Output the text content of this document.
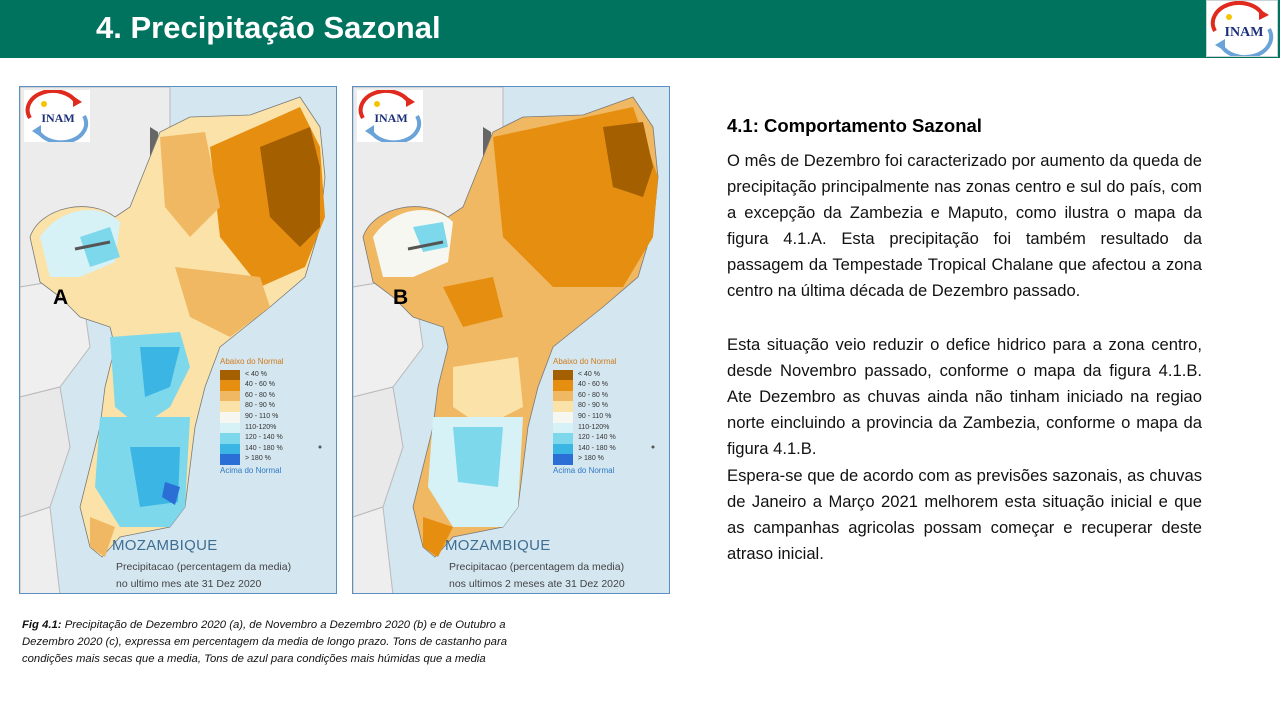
4. Precipitação Sazonal	INAM
INAM
A
Abaixo do Normal
< 40 %
40 - 60 %
60 - 80 %
80 - 90 %
90 - 110 %
110-120%
120 - 140 %
140 - 180 %
> 180 %
Acima do Normal
MOZAMBIQUE
Precipitacao (percentagem da media)
no ultimo mes ate 31 Dez 2020
INAM
B
Abaixo do Normal
< 40 %
40 - 60 %
60 - 80 %
80 - 90 %
90 - 110 %
110-120%
120 - 140 %
140 - 180 %
> 180 %
Acima do Normal
MOZAMBIQUE
Precipitacao (percentagem da media)
nos ultimos 2 meses ate 31 Dez 2020
Fig 4.1: Precipitação de Dezembro 2020 (a), de Novembro a Dezembro 2020 (b) e de Outubro a Dezembro 2020 (c), expressa em percentagem da media de longo prazo. Tons de castanho para condições mais secas que a media, Tons de azul para condições mais húmidas que a media
4.1: Comportamento Sazonal

O mês de Dezembro foi caracterizado por aumento da queda de precipitação principalmente nas zonas centro e sul do país, com a excepção da Zambezia e Maputo, como ilustra o mapa da figura 4.1.A. Esta precipitação foi também resultado da passagem da Tempestade Tropical Chalane que afectou a zona centro na última década de Dezembro passado.

Esta situação veio reduzir o defice hidrico para a zona centro, desde Novembro passado, conforme o mapa da figura 4.1.B. Ate Dezembro as chuvas ainda não tinham iniciado na regiao norte eincluindo a provincia da Zambezia, conforme o mapa da figura 4.1.B.

Espera-se que de acordo com as previsões sazonais, as chuvas de Janeiro a Março 2021 melhorem esta situação inicial e que as campanhas agricolas possam começar e recuperar deste atraso inicial.
